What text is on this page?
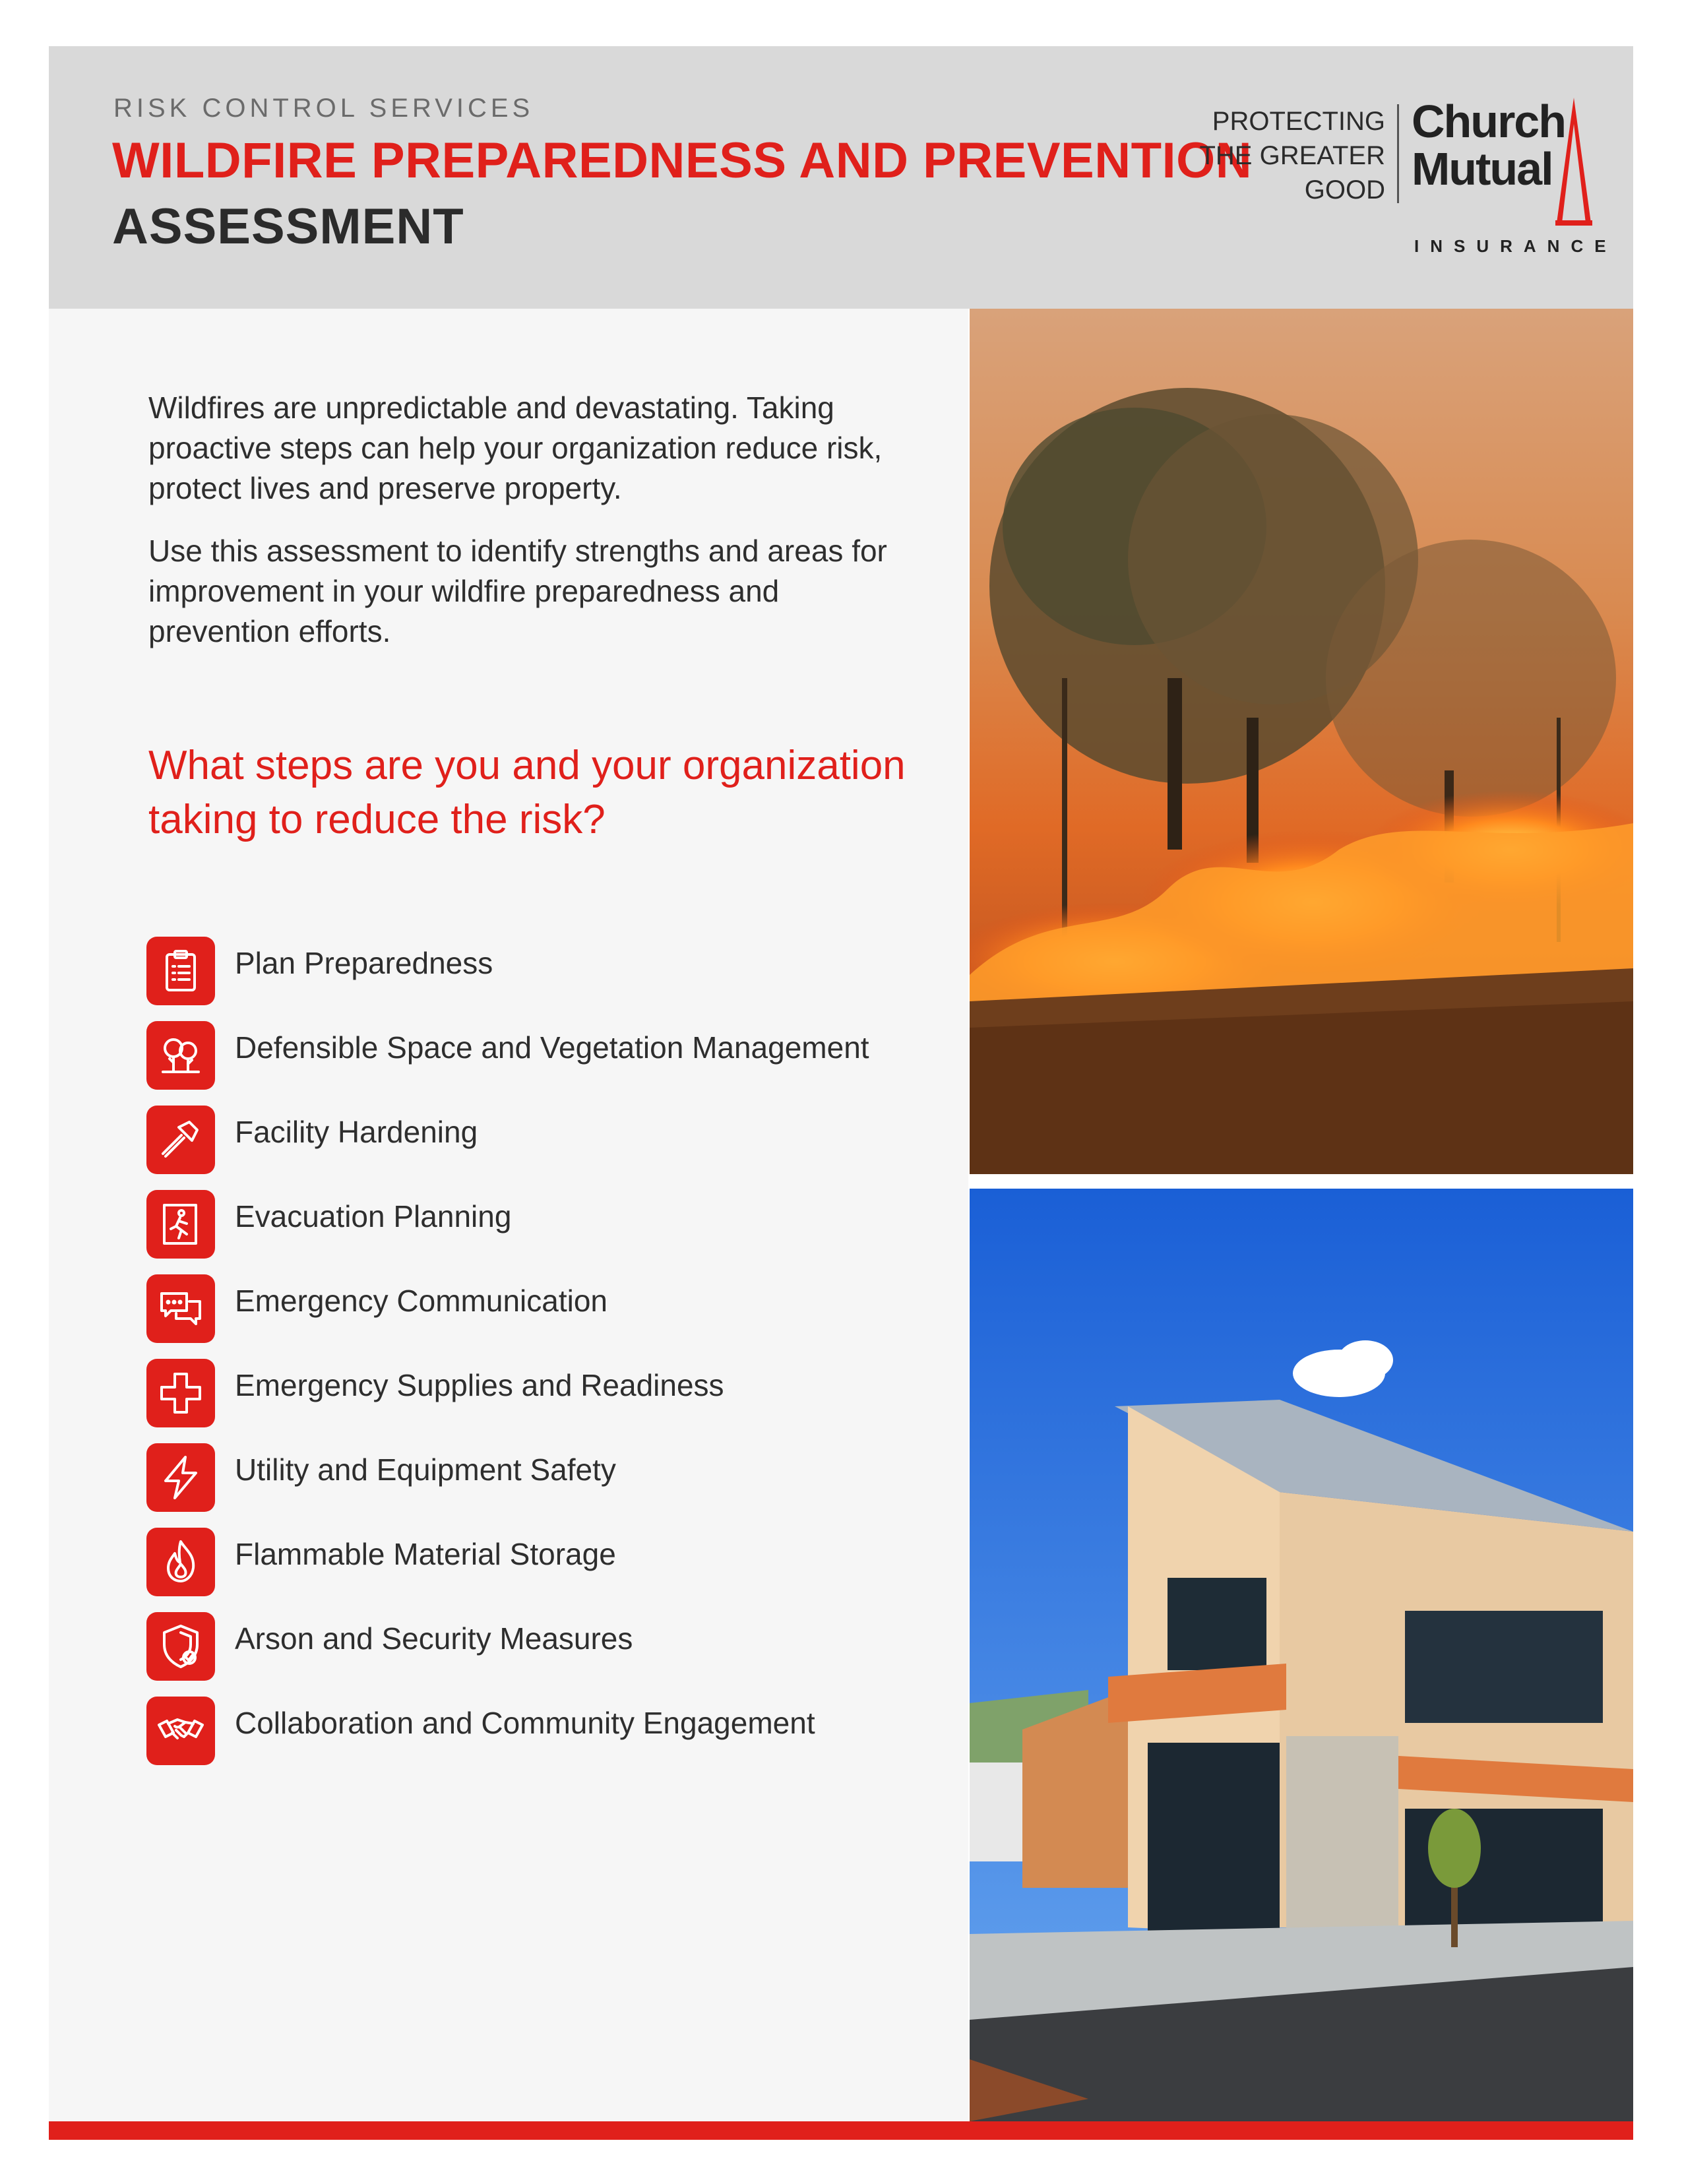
RISK CONTROL SERVICES
WILDFIRE PREPAREDNESS AND PREVENTION
ASSESSMENT
PROTECTING
THE GREATER
GOOD
Church
Mutual
INSURANCE

Wildfires are unpredictable and devastating. Taking proactive steps can help your organization reduce risk, protect lives and preserve property.

Use this assessment to identify strengths and areas for improvement in your wildfire preparedness and prevention efforts.

What steps are you and your organization taking to reduce the risk?
Plan Preparedness
Defensible Space and Vegetation Management
Facility Hardening
Evacuation Planning
Emergency Communication
Emergency Supplies and Readiness
Utility and Equipment Safety
Flammable Material Storage
Arson and Security Measures
Collaboration and Community Engagement
